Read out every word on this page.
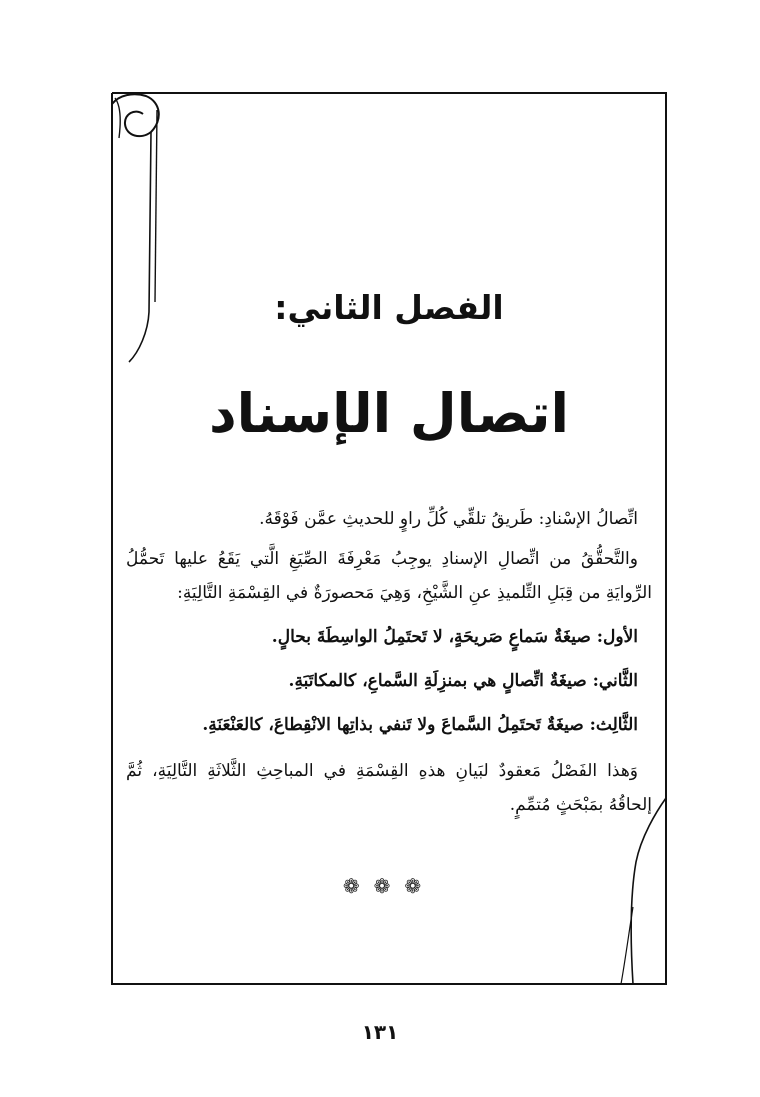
الفصل الثاني:
اتصال الإسناد

اتِّصالُ الإسْنادِ: طَريقُ تلقِّي كُلِّ راوٍ للحديثِ عمَّن فَوْقَهُ.

والتَّحقُّقُ من اتِّصالِ الإسنادِ يوجِبُ مَعْرِفَةَ الصِّيَغِ الَّتي يَقَعُ عليها تَحمُّلُ الرِّوايَةِ من قِبَلِ التِّلميذِ عنِ الشَّيْخِ، وَهِيَ مَحصورَةٌ في القِسْمَةِ التَّالِيَةِ:

الأول: صيغَةٌ سَماعٍ صَريحَةٍ، لا تَحتَمِلُ الواسِطَةَ بحالٍ.

الثَّاني: صيغَةٌ اتِّصالٍ هي بمنزِلَةِ السَّماعِ، كالمكاتَبَةِ.

الثَّالِث: صيغَةٌ تَحتَمِلُ السَّماعَ ولا تَنفي بذاتِها الانْقِطاعَ، كالعَنْعَنَةِ.

وَهذا الفَصْلُ مَعقودٌ لبَيانِ هذهِ القِسْمَةِ في المباحِثِ الثَّلاثَةِ التَّالِيَةِ، ثُمَّ إلحاقُهُ بمَبْحَثٍ مُتمِّمٍ.

❁❁❁
١٣١
